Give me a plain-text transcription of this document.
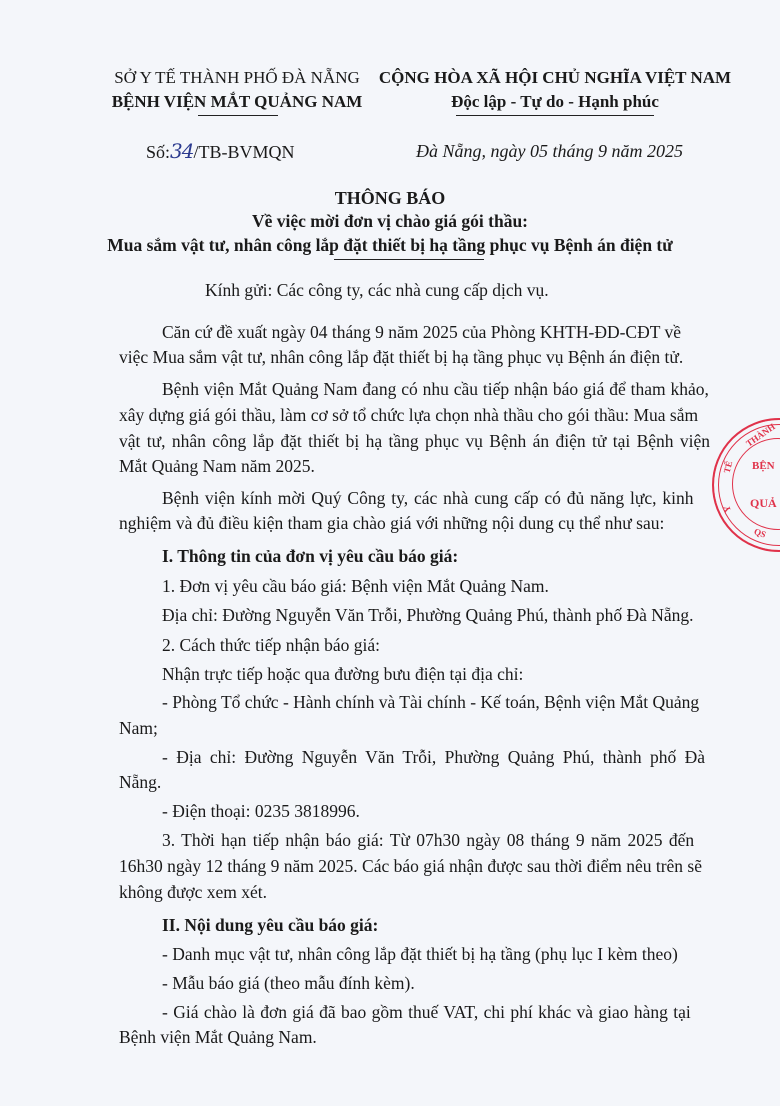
SỞ Y TẾ THÀNH PHỐ ĐÀ NẴNG
BỆNH VIỆN MẮT QUẢNG NAM
CỘNG HÒA XÃ HỘI CHỦ NGHĨA VIỆT NAM
Độc lập - Tự do - Hạnh phúc
Số:34/TB-BVMQN	Đà Nẵng, ngày 05 tháng 9 năm 2025
THÔNG BÁO
Về việc mời đơn vị chào giá gói thầu:
Mua sắm vật tư, nhân công lắp đặt thiết bị hạ tầng phục vụ Bệnh án điện tử
Kính gửi: Các công ty, các nhà cung cấp dịch vụ.
Căn cứ đề xuất ngày 04 tháng 9 năm 2025 của Phòng KHTH-ĐD-CĐT về
việc Mua sắm vật tư, nhân công lắp đặt thiết bị hạ tầng phục vụ Bệnh án điện tử.
Bệnh viện Mắt Quảng Nam đang có nhu cầu tiếp nhận báo giá để tham khảo,
xây dựng giá gói thầu, làm cơ sở tổ chức lựa chọn nhà thầu cho gói thầu: Mua sắm
vật tư, nhân công lắp đặt thiết bị hạ tầng phục vụ Bệnh án điện tử tại Bệnh viện
Mắt Quảng Nam năm 2025.
Bệnh viện kính mời Quý Công ty, các nhà cung cấp có đủ năng lực, kinh
nghiệm và đủ điều kiện tham gia chào giá với những nội dung cụ thể như sau:
I. Thông tin của đơn vị yêu cầu báo giá:
1. Đơn vị yêu cầu báo giá: Bệnh viện Mắt Quảng Nam.
Địa chỉ: Đường Nguyễn Văn Trỗi, Phường Quảng Phú, thành phố Đà Nẵng.
2. Cách thức tiếp nhận báo giá:
Nhận trực tiếp hoặc qua đường bưu điện tại địa chỉ:
- Phòng Tổ chức - Hành chính và Tài chính - Kế toán, Bệnh viện Mắt Quảng
Nam;
- Địa chỉ: Đường Nguyễn Văn Trỗi, Phường Quảng Phú, thành phố Đà
Nẵng.
- Điện thoại: 0235 3818996.
3. Thời hạn tiếp nhận báo giá: Từ 07h30 ngày 08 tháng 9 năm 2025 đến
16h30 ngày 12 tháng 9 năm 2025. Các báo giá nhận được sau thời điểm nêu trên sẽ
không được xem xét.
II. Nội dung yêu cầu báo giá:
- Danh mục vật tư, nhân công lắp đặt thiết bị hạ tầng (phụ lục I kèm theo)
- Mẫu báo giá (theo mẫu đính kèm).
- Giá chào là đơn giá đã bao gồm thuế VAT, chi phí khác và giao hàng tại
Bệnh viện Mắt Quảng Nam.
THÀNH
TẾ
Y
BỆN
QUẢ
QS
